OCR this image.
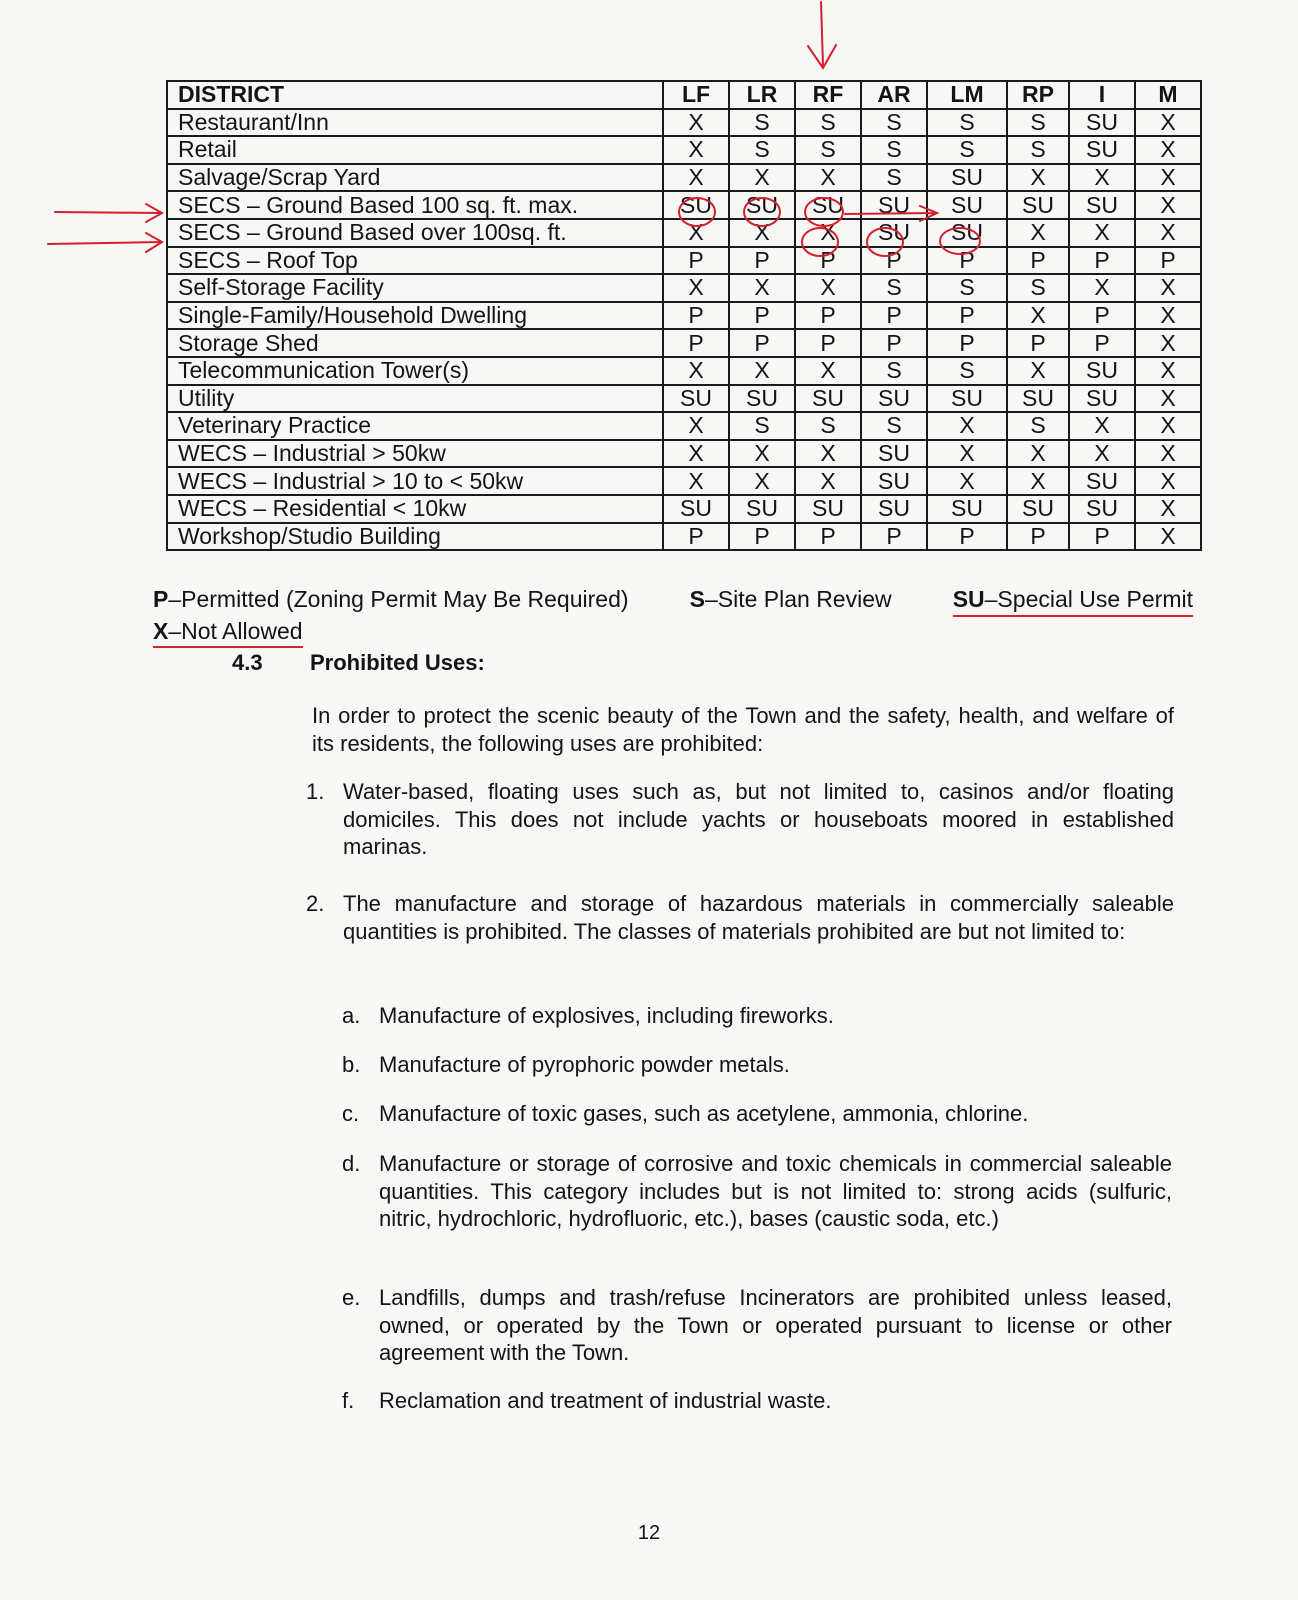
DISTRICT	LF	LR	RF	AR	LM	RP	I	M
Restaurant/Inn	X	S	S	S	S	S	SU	X
Retail	X	S	S	S	S	S	SU	X
Salvage/Scrap Yard	X	X	X	S	SU	X	X	X
SECS – Ground Based 100 sq. ft. max.	SU	SU	SU	SU	SU	SU	SU	X
SECS – Ground Based over 100sq. ft.	X	X	X	SU	SU	X	X	X
SECS – Roof Top	P	P	P	P	P	P	P	P
Self-Storage Facility	X	X	X	S	S	S	X	X
Single-Family/Household Dwelling	P	P	P	P	P	X	P	X
Storage Shed	P	P	P	P	P	P	P	X
Telecommunication Tower(s)	X	X	X	S	S	X	SU	X
Utility	SU	SU	SU	SU	SU	SU	SU	X
Veterinary Practice	X	S	S	S	X	S	X	X
WECS – Industrial > 50kw	X	X	X	SU	X	X	X	X
WECS – Industrial > 10 to < 50kw	X	X	X	SU	X	X	SU	X
WECS – Residential < 10kw	SU	SU	SU	SU	SU	SU	SU	X
Workshop/Studio Building	P	P	P	P	P	P	P	X
P–Permitted (Zoning Permit May Be Required)	S–Site Plan Review	SU–Special Use Permit
X–Not Allowed
4.3 Prohibited Uses:
In order to protect the scenic beauty of the Town and the safety, health, and welfare of its residents, the following uses are prohibited:
1. Water-based, floating uses such as, but not limited to, casinos and/or floating domiciles. This does not include yachts or houseboats moored in established marinas.
2. The manufacture and storage of hazardous materials in commercially saleable quantities is prohibited. The classes of materials prohibited are but not limited to:
a. Manufacture of explosives, including fireworks.
b. Manufacture of pyrophoric powder metals.
c. Manufacture of toxic gases, such as acetylene, ammonia, chlorine.
d. Manufacture or storage of corrosive and toxic chemicals in commercial saleable quantities. This category includes but is not limited to: strong acids (sulfuric, nitric, hydrochloric, hydrofluoric, etc.), bases (caustic soda, etc.)
e. Landfills, dumps and trash/refuse Incinerators are prohibited unless leased, owned, or operated by the Town or operated pursuant to license or other agreement with the Town.
f. Reclamation and treatment of industrial waste.
12
